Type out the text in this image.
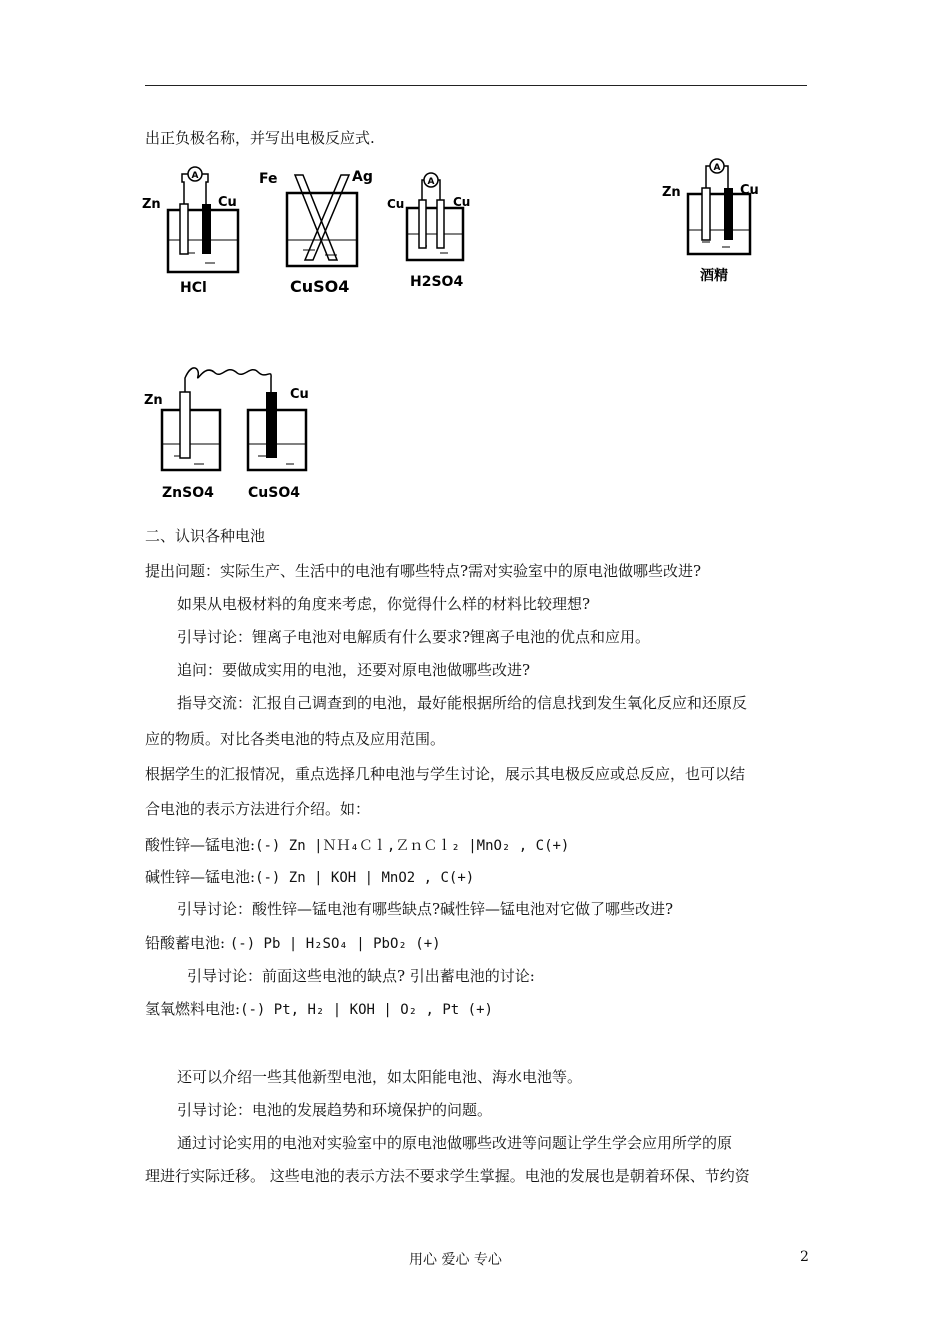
出正负极名称，并写出电极反应式.
A
Zn	Cu
HCl
Fe	Ag
CuSO4
A
Cu	Cu
H2SO4
A
Zn	Cu
酒精
Zn	Cu
ZnSO4 CuSO4
二、认识各种电池
提出问题：实际生产、生活中的电池有哪些特点?需对实验室中的原电池做哪些改进?
如果从电极材料的角度来考虑，你觉得什么样的材料比较理想?
引导讨论：锂离子电池对电解质有什么要求?锂离子电池的优点和应用。
追问：要做成实用的电池，还要对原电池做哪些改进?
指导交流：汇报自己调查到的电池，最好能根据所给的信息找到发生氧化反应和还原反
应的物质。对比各类电池的特点及应用范围。
根据学生的汇报情况，重点选择几种电池与学生讨论，展示其电极反应或总反应，也可以结
合电池的表示方法进行介绍。如：
酸性锌—锰电池:(-) Zn |ＮＨ₄Ｃｌ,ＺｎＣｌ₂ |MnO₂ , C(+)
碱性锌—锰电池:(-) Zn | KOH | MnO2 , C(+)
引导讨论：酸性锌—锰电池有哪些缺点?碱性锌—锰电池对它做了哪些改进?
铅酸蓄电池: (-) Pb | H₂SO₄ | PbO₂ (+)
引导讨论：前面这些电池的缺点? 引出蓄电池的讨论:
氢氧燃料电池:(-) Pt, H₂ | KOH | O₂ , Pt (+)
还可以介绍一些其他新型电池，如太阳能电池、海水电池等。
引导讨论：电池的发展趋势和环境保护的问题。
通过讨论实用的电池对实验室中的原电池做哪些改进等问题让学生学会应用所学的原
理进行实际迁移。 这些电池的表示方法不要求学生掌握。电池的发展也是朝着环保、节约资
用心 爱心 专心	2
